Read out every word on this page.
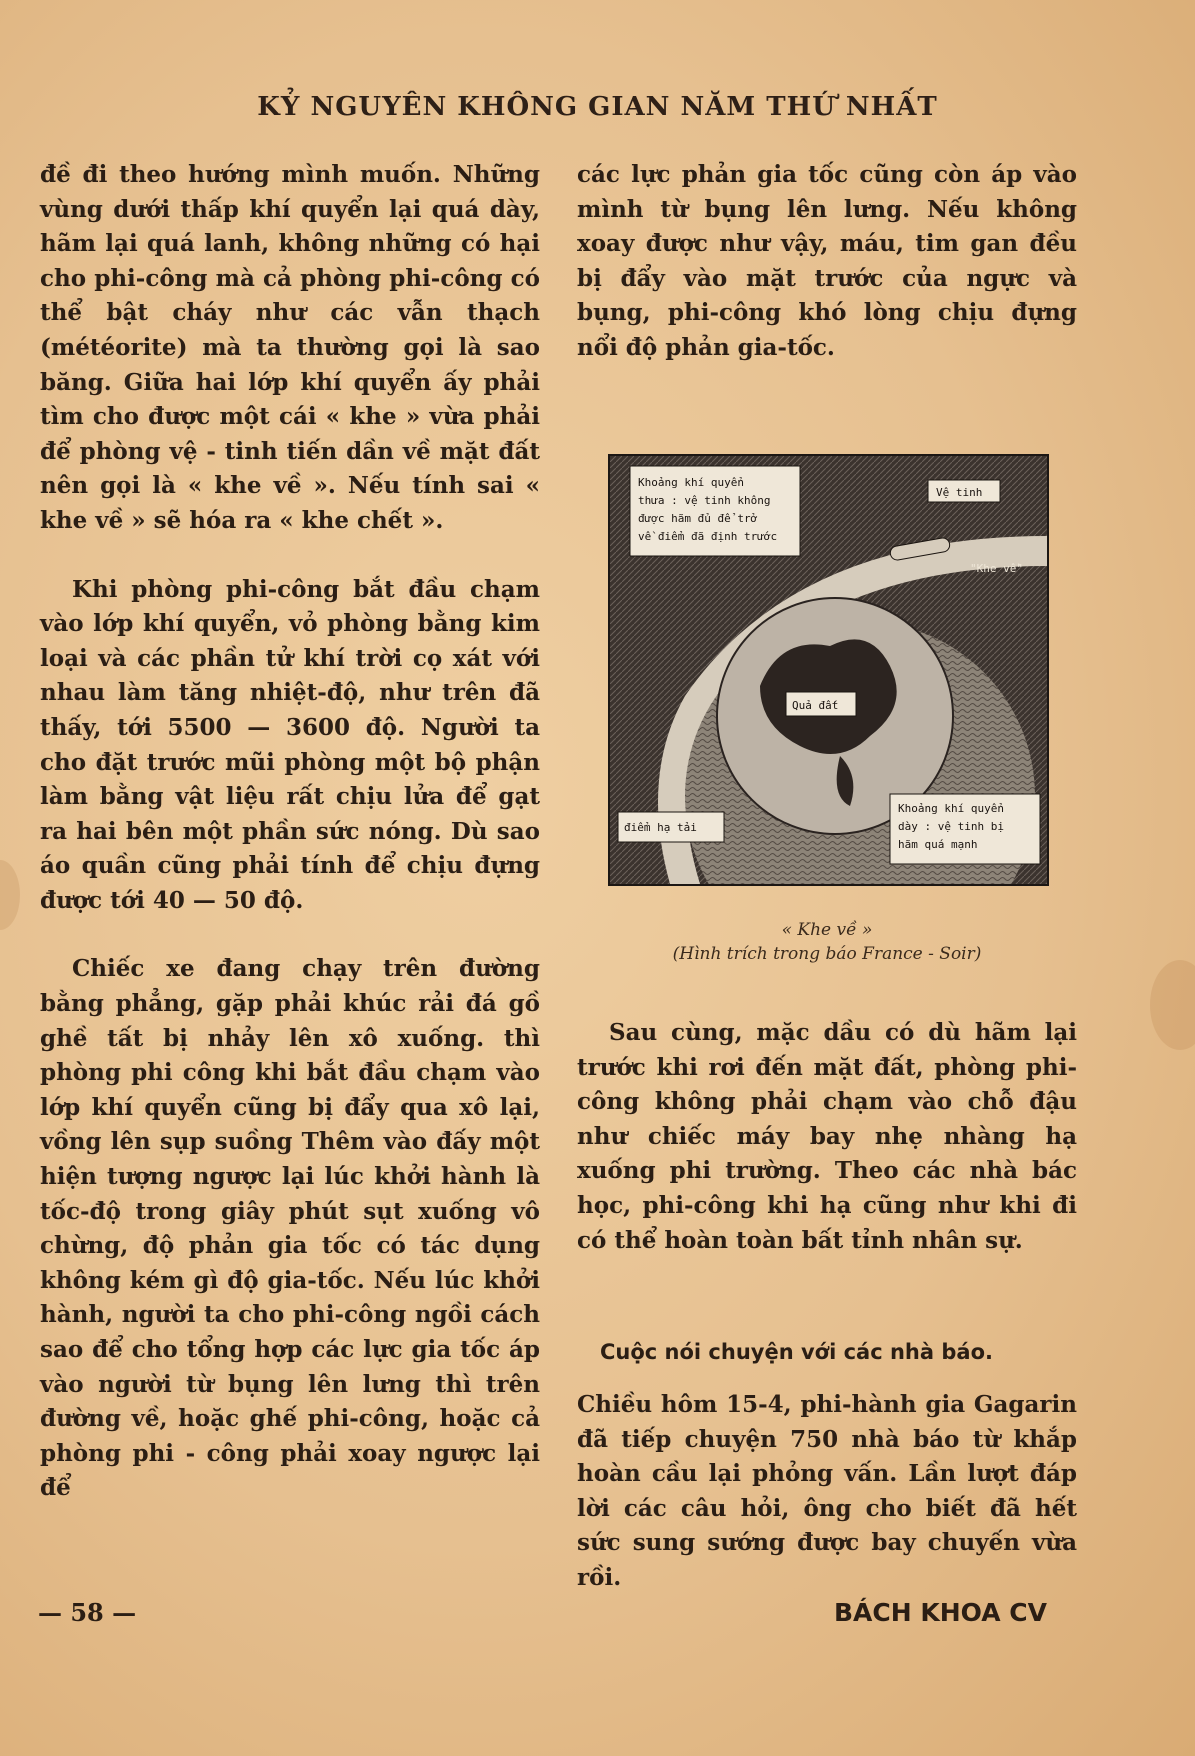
KỶ NGUYÊN KHÔNG GIAN NĂM THỨ NHẤT

đề đi theo hướng mình muốn. Những vùng dưới thấp khí quyển lại quá dày, hãm lại quá lanh, không những có hại cho phi-công mà cả phòng phi-công có thể bật cháy như các vẫn thạch (météorite) mà ta thường gọi là sao băng. Giữa hai lớp khí quyển ấy phải tìm cho được một cái « khe » vừa phải để phòng vệ - tinh tiến dần về mặt đất nên gọi là « khe về ». Nếu tính sai « khe về » sẽ hóa ra « khe chết ».

Khi phòng phi-công bắt đầu chạm vào lớp khí quyển, vỏ phòng bằng kim loại và các phần tử khí trời cọ xát với nhau làm tăng nhiệt-độ, như trên đã thấy, tới 5500 — 3600 độ. Người ta cho đặt trước mũi phòng một bộ phận làm bằng vật liệu rất chịu lửa để gạt ra hai bên một phần sức nóng. Dù sao áo quần cũng phải tính để chịu đựng được tới 40 — 50 độ.

Chiếc xe đang chạy trên đường bằng phẳng, gặp phải khúc rải đá gồ ghề tất bị nhảy lên xô xuống. thì phòng phi công khi bắt đầu chạm vào lớp khí quyển cũng bị đẩy qua xô lại, vồng lên sụp suồng Thêm vào đấy một hiện tượng ngược lại lúc khởi hành là tốc-độ trong giây phút sụt xuống vô chừng, độ phản gia tốc có tác dụng không kém gì độ gia-tốc. Nếu lúc khởi hành, người ta cho phi-công ngồi cách sao để cho tổng hợp các lực gia tốc áp vào người từ bụng lên lưng thì trên đường về, hoặc ghế phi-công, hoặc cả phòng phi - công phải xoay ngược lại để

các lực phản gia tốc cũng còn áp vào mình từ bụng lên lưng. Nếu không xoay được như vậy, máu, tim gan đều bị đẩy vào mặt trước của ngực và bụng, phi-công khó lòng chịu đựng nổi độ phản gia-tốc.

Khoảng khí quyển
thưa : vệ tinh không
được hãm đủ để trở
về điểm đã định trước
Vệ tinh
"Khe về"
Quả đất
điểm hạ tải
Khoảng khí quyển
dày : vệ tinh bị
hãm quá mạnh
« Khe về »
(Hình trích trong báo France - Soir)

Sau cùng, mặc dầu có dù hãm lại trước khi rơi đến mặt đất, phòng phi-công không phải chạm vào chỗ đậu như chiếc máy bay nhẹ nhàng hạ xuống phi trường. Theo các nhà bác học, phi-công khi hạ cũng như khi đi có thể hoàn toàn bất tỉnh nhân sự.

Cuộc nói chuyện với các nhà báo.

Chiều hôm 15-4, phi-hành gia Gagarin đã tiếp chuyện 750 nhà báo từ khắp hoàn cầu lại phỏng vấn. Lần lượt đáp lời các câu hỏi, ông cho biết đã hết sức sung sướng được bay chuyến vừa rồi.

— 58 —	BÁCH KHOA CV
